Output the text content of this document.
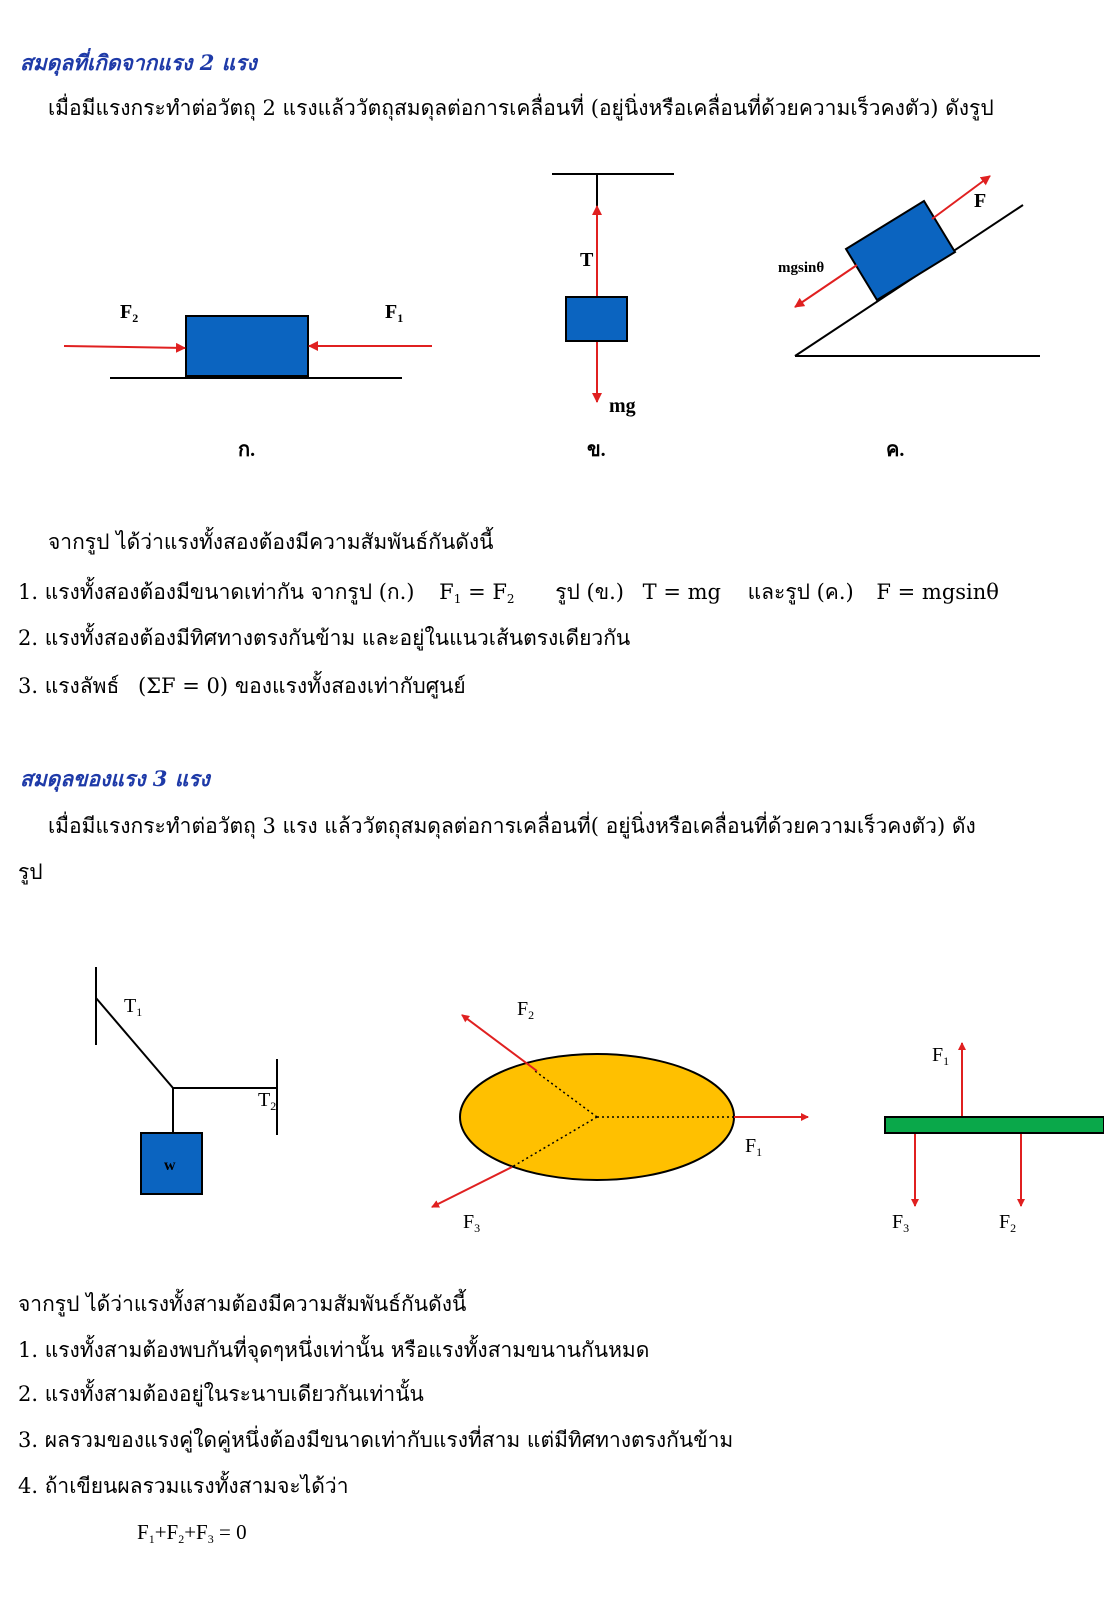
สมดุลที่เกิดจากแรง 2 แรง
เมื่อมีแรงกระทำต่อวัตถุ 2 แรงแล้ววัตถุสมดุลต่อการเคลื่อนที่ (อยู่นิ่งหรือเคลื่อนที่ด้วยความเร็วคงตัว) ดังรูป
$F_2$	$F_1$
ก.
T
mg
ข.
F
mgsinθ
ค.
จากรูป ได้ว่าแรงทั้งสองต้องมีความสัมพันธ์กันดังนี้
1. แรงทั้งสองต้องมีขนาดเท่ากัน จากรูป (ก.) $F_1 = F_2$ รูป (ข.) T = mg และรูป (ค.) F = mgsinθ
2. แรงทั้งสองต้องมีทิศทางตรงกันข้าม และอยู่ในแนวเส้นตรงเดียวกัน
3. แรงลัพธ์ (ΣF = 0) ของแรงทั้งสองเท่ากับศูนย์
สมดุลของแรง 3 แรง
เมื่อมีแรงกระทำต่อวัตถุ 3 แรง แล้ววัตถุสมดุลต่อการเคลื่อนที่( อยู่นิ่งหรือเคลื่อนที่ด้วยความเร็วคงตัว) ดัง
รูป
$T_1$
$T_2$
w
$F_2$
$F_1$
$F_3$
$F_1$
$F_3$	$F_2$
จากรูป ได้ว่าแรงทั้งสามต้องมีความสัมพันธ์กันดังนี้
1. แรงทั้งสามต้องพบกันที่จุดๆหนึ่งเท่านั้น หรือแรงทั้งสามขนานกันหมด
2. แรงทั้งสามต้องอยู่ในระนาบเดียวกันเท่านั้น
3. ผลรวมของแรงคู่ใดคู่หนึ่งต้องมีขนาดเท่ากับแรงที่สาม แต่มีทิศทางตรงกันข้าม
4. ถ้าเขียนผลรวมแรงทั้งสามจะได้ว่า
$F_1+F_2+F_3 = 0$
